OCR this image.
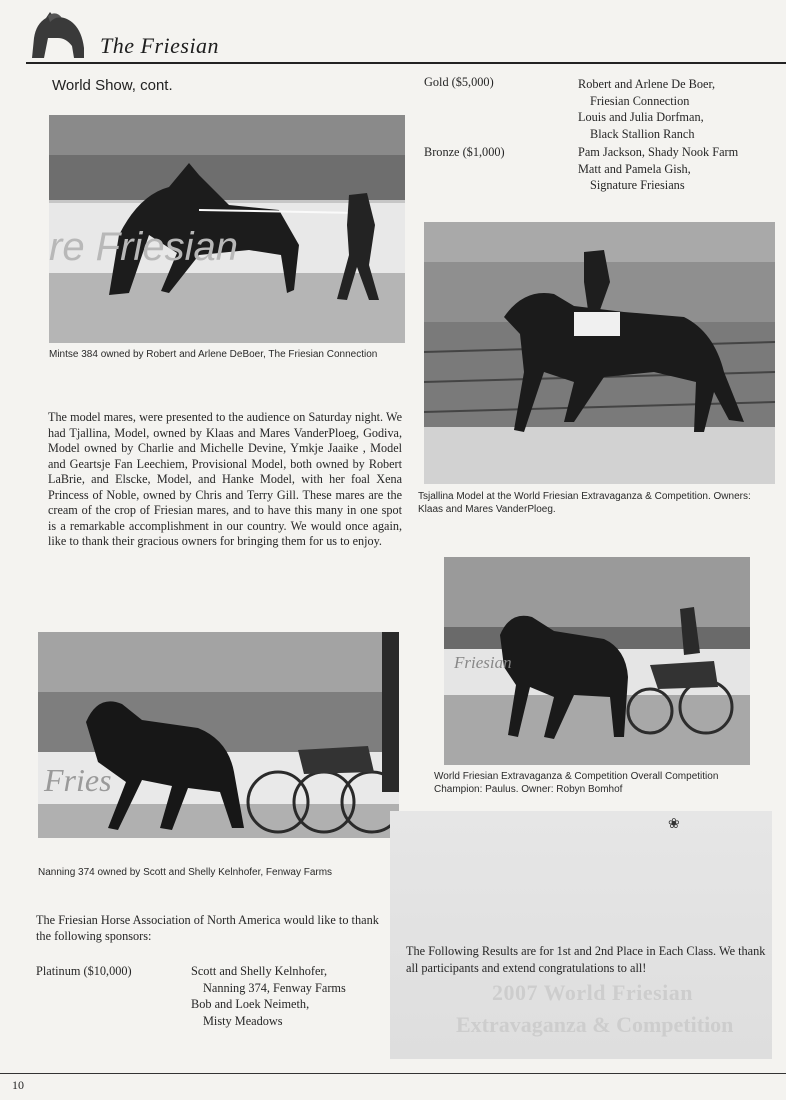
The Friesian
World Show, cont.
re Friesian
Mintse 384 owned by Robert and Arlene DeBoer, The Friesian Connection
Tsjallina Model at the World Friesian Extravaganza & Competition. Owners: Klaas and Mares VanderPloeg.
The model mares, were presented to the audience on Saturday night. We had Tjallina, Model, owned by Klaas and Mares VanderPloeg, Godiva, Model owned by Charlie and Michelle Devine, Ymkje Jaaike , Model and Geartsje Fan Leechiem, Provisional Model, both owned by Robert LaBrie, and Elscke, Model, and Hanke Model, with her foal Xena Princess of Noble, owned by Chris and Terry Gill. These mares are the cream of the crop of Friesian mares, and to have this many in one spot is a remarkable accomplishment in our country. We would once again, like to thank their gracious owners for bringing them for us to enjoy.
Friesian
World Friesian Extravaganza & Competition Overall Competition Champion: Paulus. Owner: Robyn Bomhof
Fries
Nanning 374 owned by Scott and Shelly Kelnhofer, Fenway Farms
The Friesian Horse Association of North America would like to thank the following sponsors:
Platinum ($10,000)	Scott and Shelly Kelnhofer,
Nanning 374, Fenway Farms
Bob and Loek Neimeth,
Misty Meadows
Gold ($5,000)	Robert and Arlene De Boer,
Friesian Connection
Louis and Julia Dorfman,
Black Stallion Ranch
Bronze ($1,000)	Pam Jackson, Shady Nook Farm
Matt and Pamela Gish,
Signature Friesians
❀
2007 World Friesian
Extravaganza & Competition
The Following Results are for 1st and 2nd Place in Each Class. We thank all participants and extend congratulations to all!
10
